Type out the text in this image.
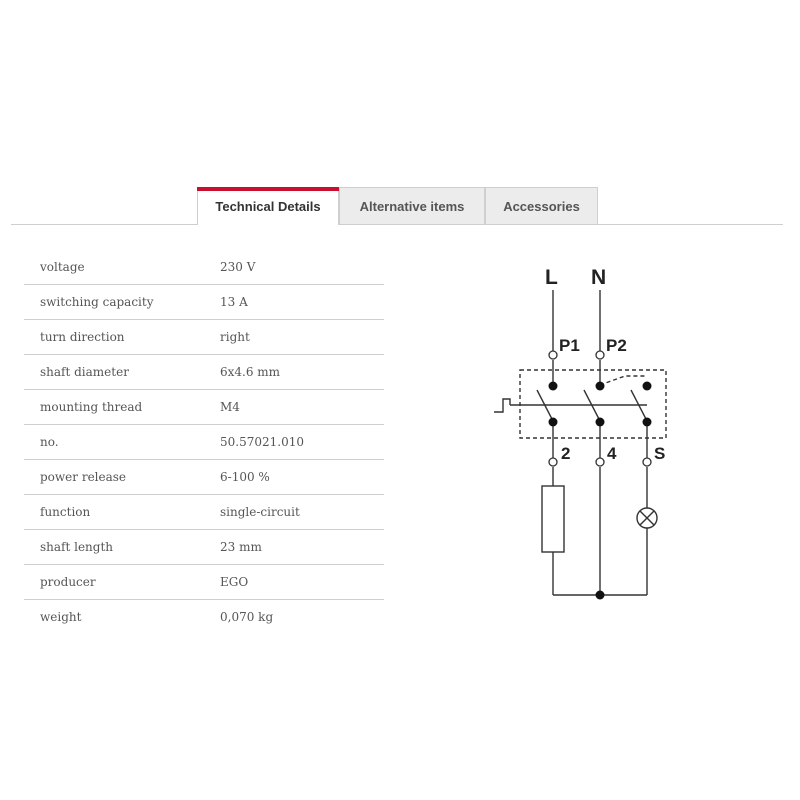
Technical Details	Alternative items	Accessories
voltage	230 V
switching capacity	13 A
turn direction	right
shaft diameter	6x4.6 mm
mounting thread	M4
no.	50.57021.010
power release	6-100 %
function	single-circuit
shaft length	23 mm
producer	EGO
weight	0,070 kg
L N
P1 P2
2 4 S
